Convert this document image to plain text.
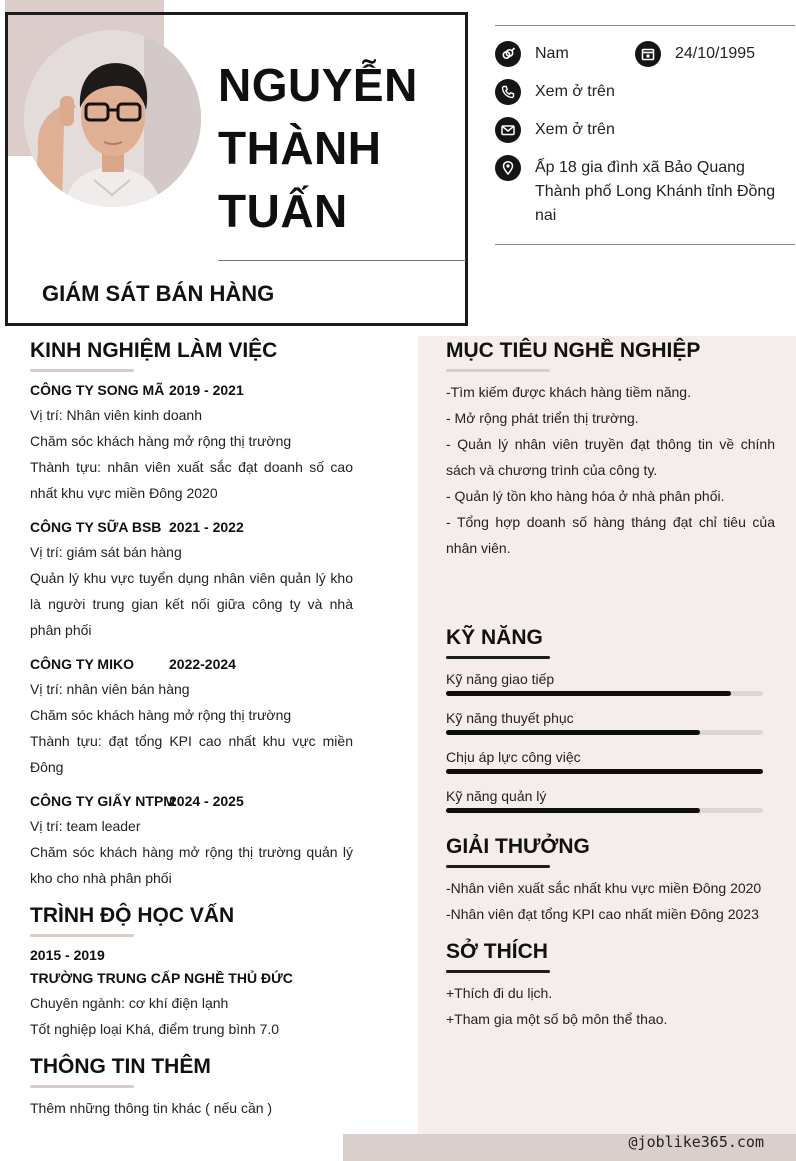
NGUYỄN
THÀNH
TUẤN
GIÁM SÁT BÁN HÀNG
Nam	24/10/1995
Xem ở trên
Xem ở trên
Ấp 18 gia đình xã Bảo Quang
Thành phố Long Khánh tỉnh Đồng
nai
KINH NGHIỆM LÀM VIỆC
CÔNG TY SONG MÃ 2019 - 2021
Vị trí: Nhân viên kinh doanh
Chăm sóc khách hàng mở rộng thị trường
Thành tựu: nhân viên xuất sắc đạt doanh số cao nhất khu vực miền Đông 2020
CÔNG TY SỮA BSB 2021 - 2022
Vị trí: giám sát bán hàng
Quản lý khu vực tuyển dụng nhân viên quản lý kho là người trung gian kết nối giữa công ty và nhà phân phối
CÔNG TY MIKO	2022-2024
Vị trí: nhân viên bán hàng
Chăm sóc khách hàng mở rộng thị trường
Thành tựu: đạt tổng KPI cao nhất khu vực miền Đông
CÔNG TY GIẤY NTPM
2024 - 2025
Vị trí: team leader
Chăm sóc khách hàng mở rộng thị trường quản lý kho cho nhà phân phối
TRÌNH ĐỘ HỌC VẤN
2015 - 2019
TRƯỜNG TRUNG CẤP NGHỀ THỦ ĐỨC
Chuyên ngành: cơ khí điện lạnh
Tốt nghiệp loại Khá, điểm trung bình 7.0
THÔNG TIN THÊM
Thêm những thông tin khác ( nếu cần )
MỤC TIÊU NGHỀ NGHIỆP
-Tìm kiếm được khách hàng tiềm năng.
- Mở rộng phát triển thị trường.
- Quản lý nhân viên truyền đạt thông tin về chính sách và chương trình của công ty.
- Quản lý tồn kho hàng hóa ở nhà phân phối.
- Tổng hợp doanh số hàng tháng đạt chỉ tiêu của nhân viên.
KỸ NĂNG
Kỹ năng giao tiếp
Kỹ năng thuyết phục
Chịu áp lực công việc
Kỹ năng quản lý
GIẢI THƯỞNG
-Nhân viên xuất sắc nhất khu vực miền Đông 2020
-Nhân viên đạt tổng KPI cao nhất miền Đông 2023
SỞ THÍCH
+Thích đi du lịch.
+Tham gia một số bộ môn thể thao.
@joblike365.com
